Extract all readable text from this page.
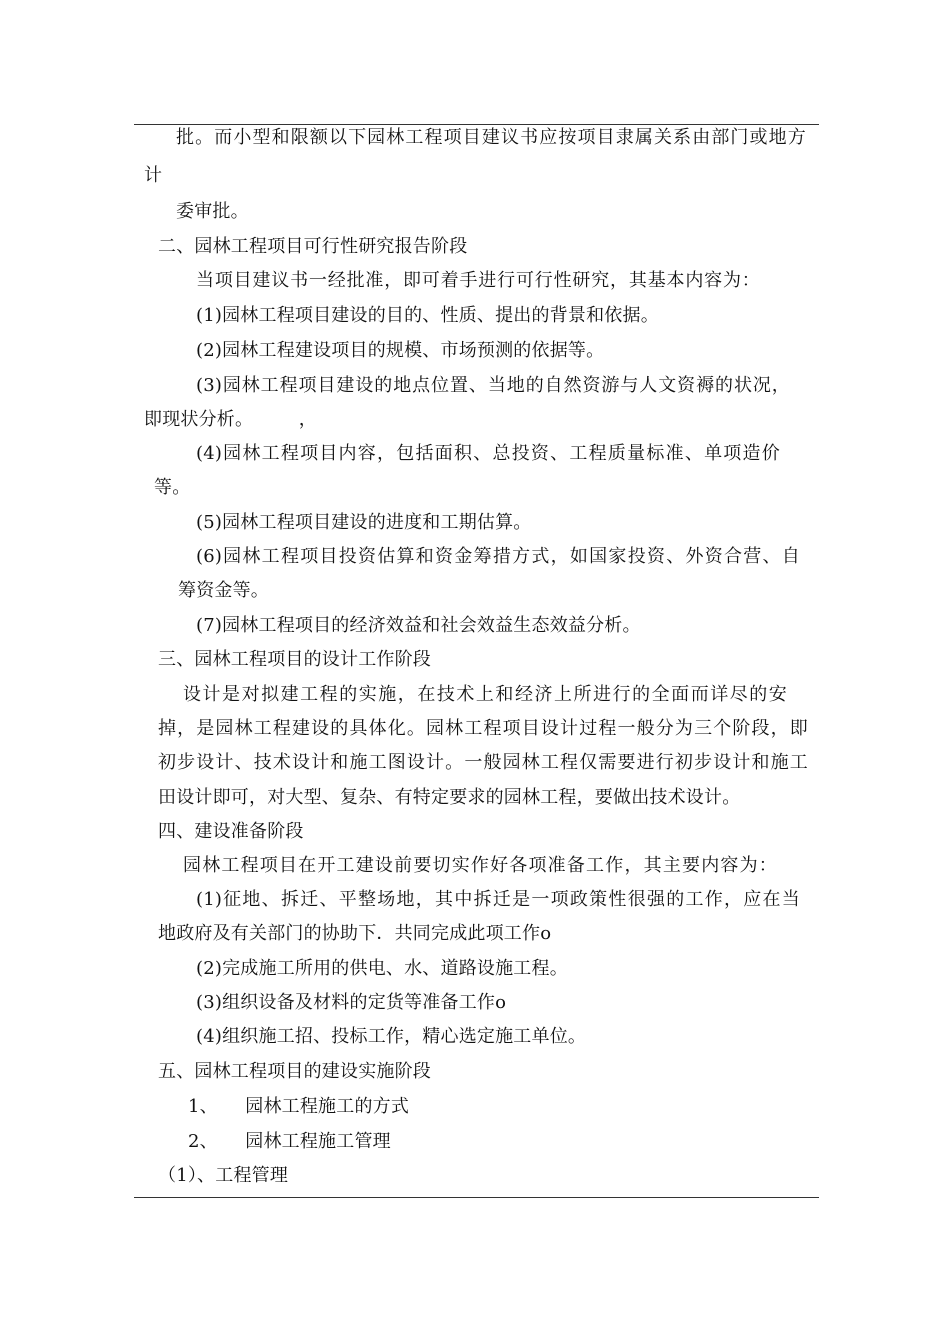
批。而小型和限额以下园林工程项目建议书应按项目隶属关系由部门或地方
计
委审批。
二、园林工程项目可行性研究报告阶段
当项目建议书一经批准，即可着手进行可行性研究，其基本内容为：
(1)园林工程项目建设的目的、性质、提出的背景和依据。
(2)园林工程建设项目的规模、市场预测的依据等。
(3)园林工程项目建设的地点位置、当地的自然资游与人文资褥的状况，
即现状分析。　　　，
(4)园林工程项目内容，包括面积、总投资、工程质量标准、单项造价
等。
(5)园林工程项目建设的进度和工期估算。
(6)园林工程项目投资估算和资金筹措方式，如国家投资、外资合营、自
筹资金等。
(7)园林工程项目的经济效益和社会效益生态效益分析。
三、园林工程项目的设计工作阶段
设计是对拟建工程的实施，在技术上和经济上所进行的全面而详尽的安
掉，是园林工程建设的具体化。园林工程项目设计过程一般分为三个阶段，即
初步设计、技术设计和施工图设计。一般园林工程仅需要进行初步设计和施工
田设计即可，对大型、复杂、有特定要求的园林工程，要做出技术设计。
四、建设准备阶段
园林工程项目在开工建设前要切实作好各项准备工作，其主要内容为：
(1)征地、拆迁、平整场地，其中拆迁是一项政策性很强的工作，应在当
地政府及有关部门的协助下．共同完成此项工作o
(2)完成施工所用的供电、水、道路设施工程。
(3)组织设备及材料的定货等准备工作o
(4)组织施工招、投标工作，精心选定施工单位。
五、园林工程项目的建设实施阶段
1、　　园林工程施工的方式
2、　　园林工程施工管理
（1）、工程管理
